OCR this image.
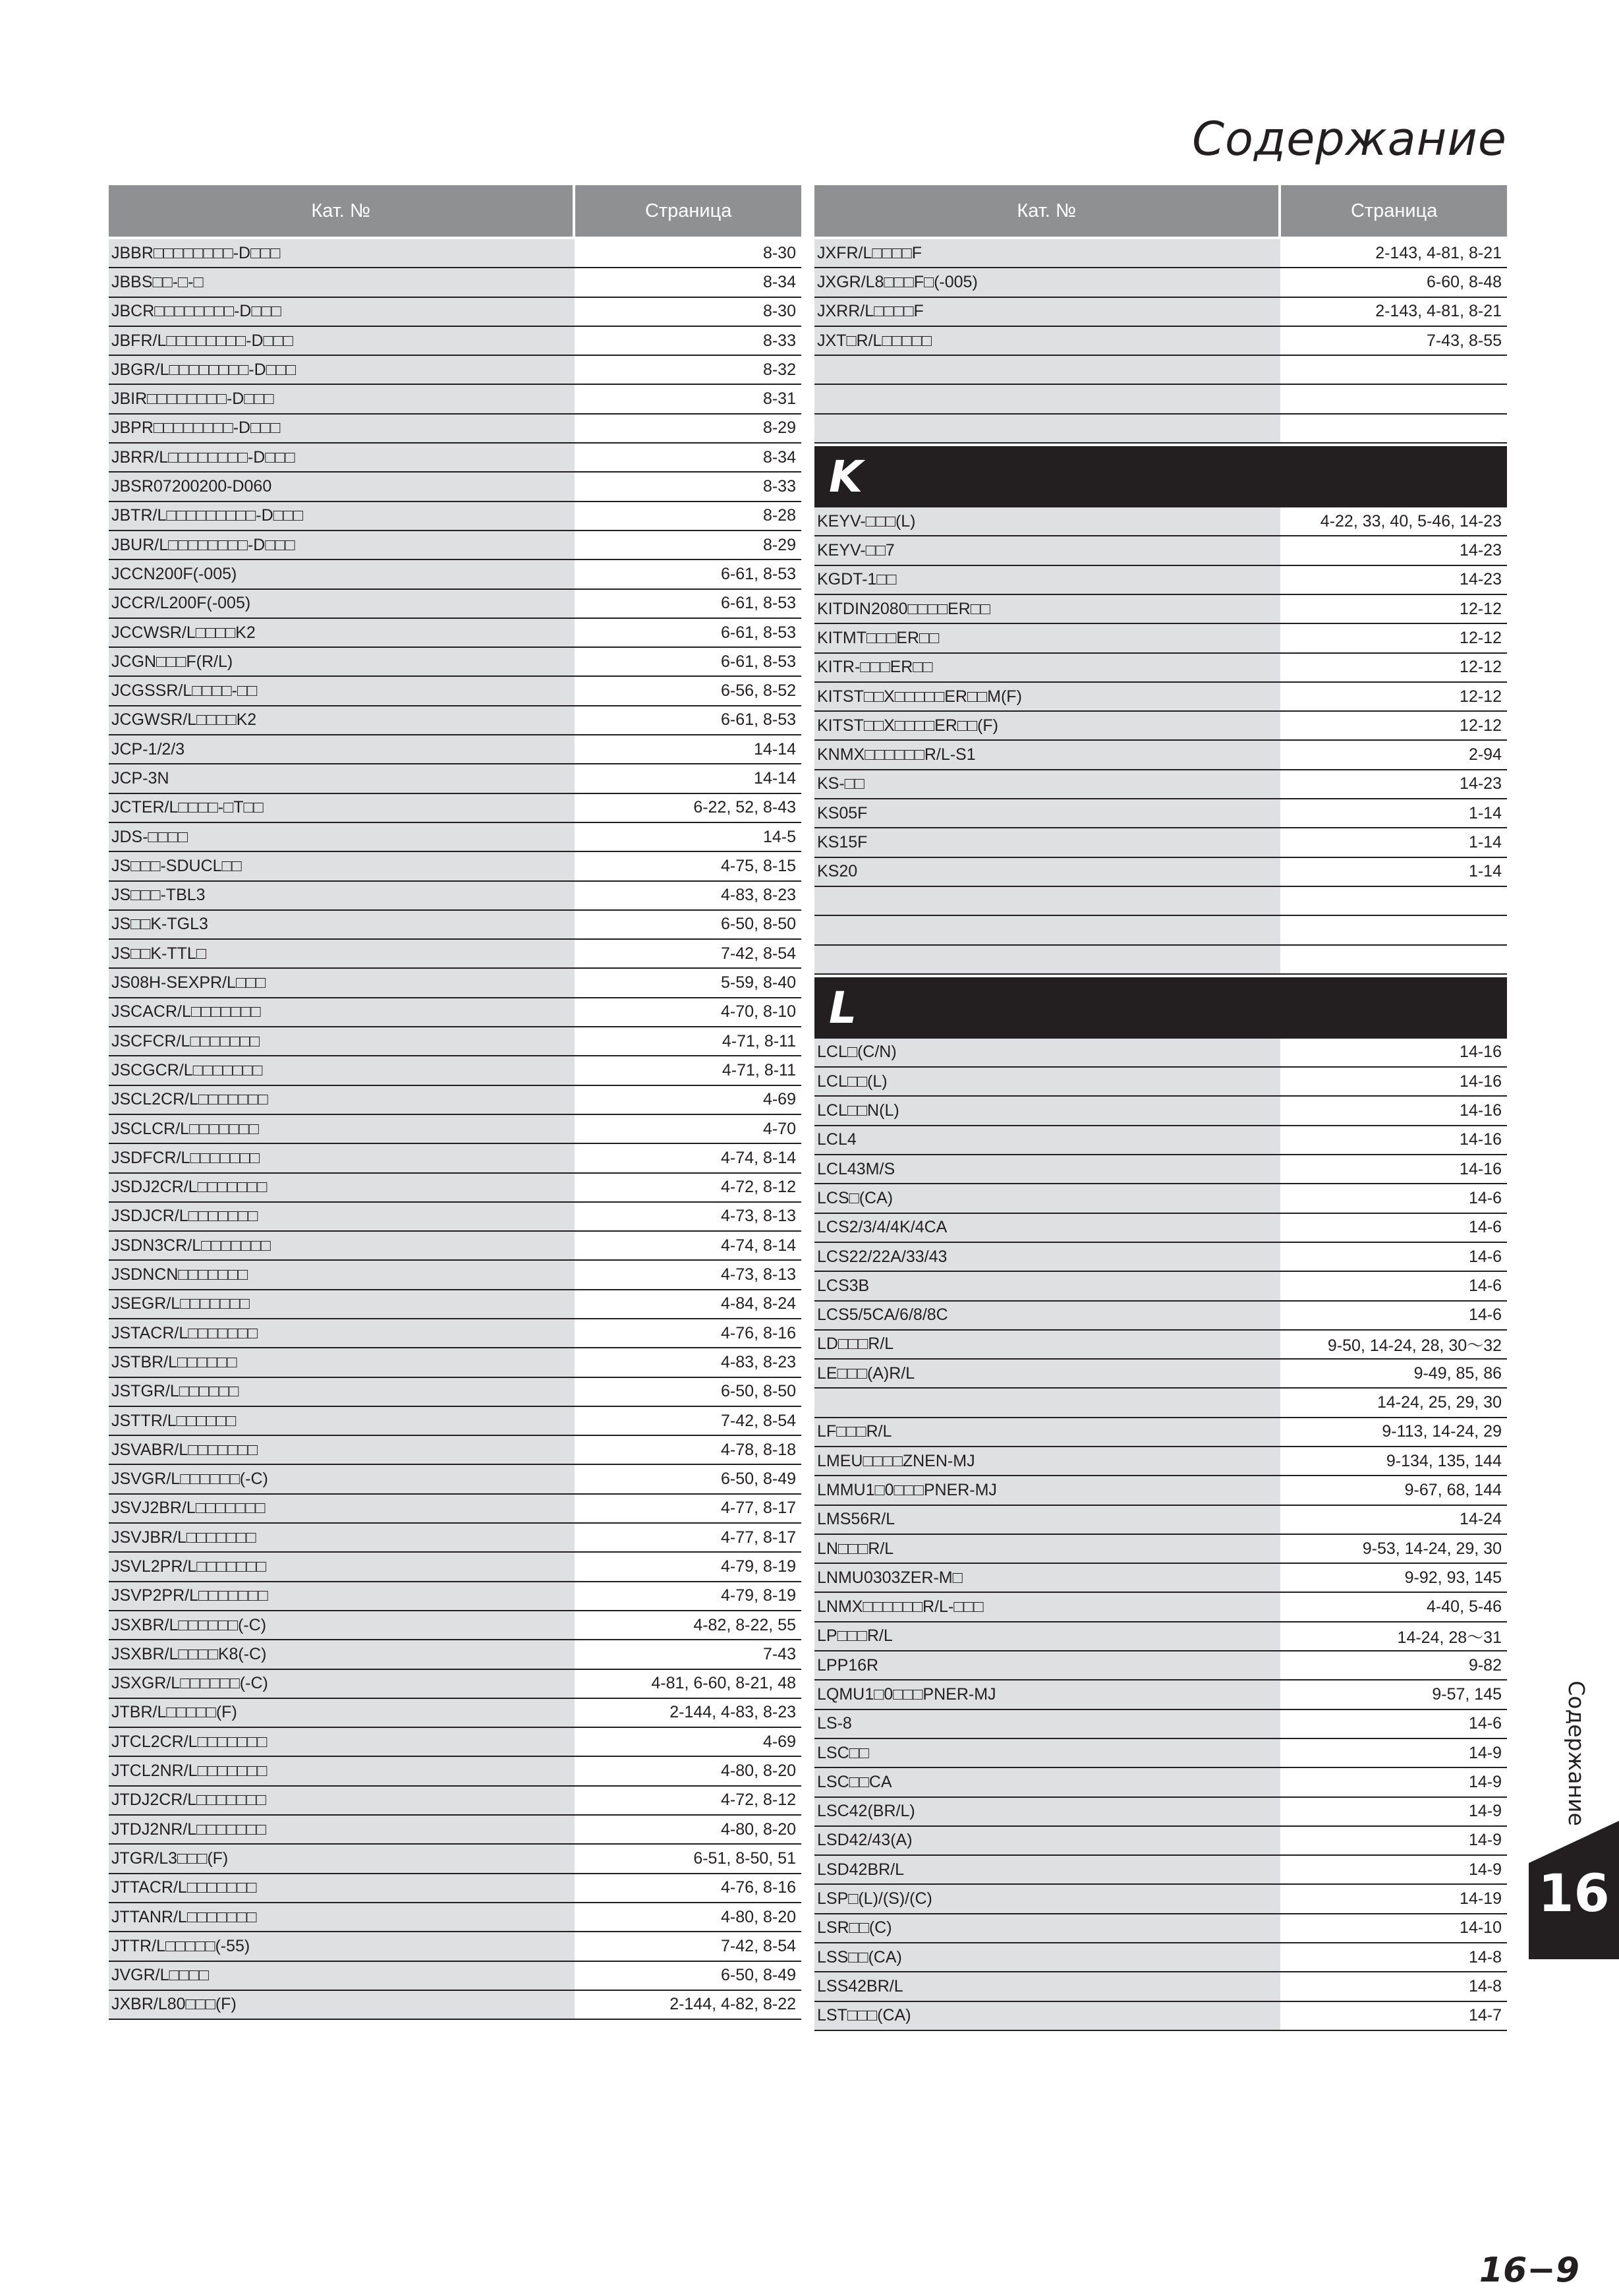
Содержание
Кат. №	Страница
JBBR□□□□□□□□-D□□□	8-30
JBBS□□-□-□	8-34
JBCR□□□□□□□□-D□□□	8-30
JBFR/L□□□□□□□□-D□□□	8-33
JBGR/L□□□□□□□□-D□□□	8-32
JBIR□□□□□□□□-D□□□	8-31
JBPR□□□□□□□□-D□□□	8-29
JBRR/L□□□□□□□□-D□□□	8-34
JBSR07200200-D060	8-33
JBTR/L□□□□□□□□□-D□□□	8-28
JBUR/L□□□□□□□□-D□□□	8-29
JCCN200F(-005)	6-61, 8-53
JCCR/L200F(-005)	6-61, 8-53
JCCWSR/L□□□□K2	6-61, 8-53
JCGN□□□F(R/L)	6-61, 8-53
JCGSSR/L□□□□-□□	6-56, 8-52
JCGWSR/L□□□□K2	6-61, 8-53
JCP-1/2/3	14-14
JCP-3N	14-14
JCTER/L□□□□-□T□□	6-22, 52, 8-43
JDS-□□□□	14-5
JS□□□-SDUCL□□	4-75, 8-15
JS□□□-TBL3	4-83, 8-23
JS□□K-TGL3	6-50, 8-50
JS□□K-TTL□	7-42, 8-54
JS08H-SEXPR/L□□□	5-59, 8-40
JSCACR/L□□□□□□□	4-70, 8-10
JSCFCR/L□□□□□□□	4-71, 8-11
JSCGCR/L□□□□□□□	4-71, 8-11
JSCL2CR/L□□□□□□□	4-69
JSCLCR/L□□□□□□□	4-70
JSDFCR/L□□□□□□□	4-74, 8-14
JSDJ2CR/L□□□□□□□	4-72, 8-12
JSDJCR/L□□□□□□□	4-73, 8-13
JSDN3CR/L□□□□□□□	4-74, 8-14
JSDNCN□□□□□□□	4-73, 8-13
JSEGR/L□□□□□□□	4-84, 8-24
JSTACR/L□□□□□□□	4-76, 8-16
JSTBR/L□□□□□□	4-83, 8-23
JSTGR/L□□□□□□	6-50, 8-50
JSTTR/L□□□□□□	7-42, 8-54
JSVABR/L□□□□□□□	4-78, 8-18
JSVGR/L□□□□□□(-C)	6-50, 8-49
JSVJ2BR/L□□□□□□□	4-77, 8-17
JSVJBR/L□□□□□□□	4-77, 8-17
JSVL2PR/L□□□□□□□	4-79, 8-19
JSVP2PR/L□□□□□□□	4-79, 8-19
JSXBR/L□□□□□□(-C)	4-82, 8-22, 55
JSXBR/L□□□□K8(-C)	7-43
JSXGR/L□□□□□□(-C)	4-81, 6-60, 8-21, 48
JTBR/L□□□□□(F)	2-144, 4-83, 8-23
JTCL2CR/L□□□□□□□	4-69
JTCL2NR/L□□□□□□□	4-80, 8-20
JTDJ2CR/L□□□□□□□	4-72, 8-12
JTDJ2NR/L□□□□□□□	4-80, 8-20
JTGR/L3□□□(F)	6-51, 8-50, 51
JTTACR/L□□□□□□□	4-76, 8-16
JTTANR/L□□□□□□□	4-80, 8-20
JTTR/L□□□□□(-55)	7-42, 8-54
JVGR/L□□□□	6-50, 8-49
JXBR/L80□□□(F)	2-144, 4-82, 8-22
Кат. №	Страница
JXFR/L□□□□F	2-143, 4-81, 8-21
JXGR/L8□□□F□(-005)	6-60, 8-48
JXRR/L□□□□F	2-143, 4-81, 8-21
JXT□R/L□□□□□	7-43, 8-55
K
KEYV-□□□(L)	4-22, 33, 40, 5-46, 14-23
KEYV-□□7	14-23
KGDT-1□□	14-23
KITDIN2080□□□□ER□□	12-12
KITMT□□□ER□□	12-12
KITR-□□□ER□□	12-12
KITST□□X□□□□□ER□□M(F)	12-12
KITST□□X□□□□ER□□(F)	12-12
KNMX□□□□□□R/L-S1	2-94
KS-□□	14-23
KS05F	1-14
KS15F	1-14
KS20	1-14
L
LCL□(C/N)	14-16
LCL□□(L)	14-16
LCL□□N(L)	14-16
LCL4	14-16
LCL43M/S	14-16
LCS□(CA)	14-6
LCS2/3/4/4K/4CA	14-6
LCS22/22A/33/43	14-6
LCS3B	14-6
LCS5/5CA/6/8/8C	14-6
LD□□□R/L	9-50, 14-24, 28, 30～32
LE□□□(A)R/L	9-49, 85, 86
14-24, 25, 29, 30
LF□□□R/L	9-113, 14-24, 29
LMEU□□□□ZNEN-MJ	9-134, 135, 144
LMMU1□0□□□PNER-MJ	9-67, 68, 144
LMS56R/L	14-24
LN□□□R/L	9-53, 14-24, 29, 30
LNMU0303ZER-M□	9-92, 93, 145
LNMX□□□□□□R/L-□□□	4-40, 5-46
LP□□□R/L	14-24, 28～31
LPP16R	9-82
LQMU1□0□□□PNER-MJ	9-57, 145
LS-8	14-6
LSC□□	14-9
LSC□□CA	14-9
LSC42(BR/L)	14-9
LSD42/43(A)	14-9
LSD42BR/L	14-9
LSP□(L)/(S)/(C)	14-19
LSR□□(C)	14-10
LSS□□(CA)	14-8
LSS42BR/L	14-8
LST□□□(CA)	14-7
Содержание
16
16−9
